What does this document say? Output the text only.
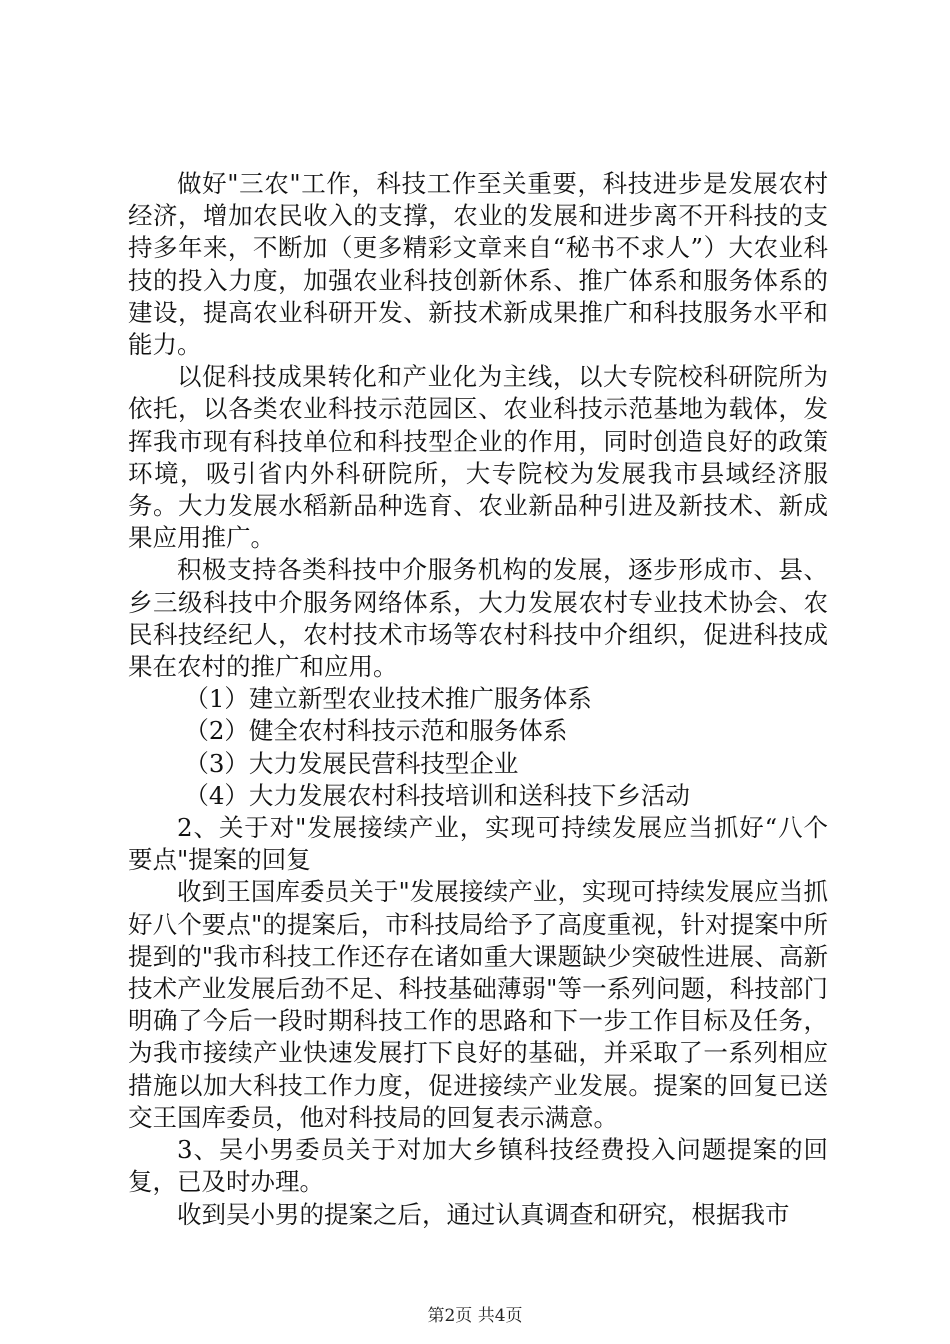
做好"三农"工作，科技工作至关重要，科技进步是发展农村经济，增加农民收入的支撑，农业的发展和进步离不开科技的支持多年来，不断加（更多精彩文章来自“秘书不求人”）大农业科技的投入力度，加强农业科技创新休系、推广体系和服务体系的建设，提高农业科研开发、新技术新成果推广和科技服务水平和能力。

以促科技成果转化和产业化为主线，以大专院校科研院所为依托，以各类农业科技示范园区、农业科技示范基地为载体，发挥我市现有科技单位和科技型企业的作用，同时创造良好的政策环境，吸引省内外科研院所，大专院校为发展我市县域经济服务。大力发展水稻新品种选育、农业新品种引进及新技术、新成果应用推广。

积极支持各类科技中介服务机构的发展，逐步形成市、县、乡三级科技中介服务网络体系，大力发展农村专业技术协会、农民科技经纪人，农村技术市场等农村科技中介组织，促进科技成果在农村的推广和应用。

（1）建立新型农业技术推广服务体系

（2）健全农村科技示范和服务体系

（3）大力发展民营科技型企业

（4）大力发展农村科技培训和送科技下乡活动

2、关于对"发展接续产业，实现可持续发展应当抓好“八个要点"提案的回复

收到王国库委员关于"发展接续产业，实现可持续发展应当抓好八个要点"的提案后，市科技局给予了高度重视，针对提案中所提到的"我市科技工作还存在诸如重大课题缺少突破性进展、高新技术产业发展后劲不足、科技基础薄弱"等一系列问题，科技部门明确了今后一段时期科技工作的思路和下一步工作目标及任务，为我市接续产业快速发展打下良好的基础，并采取了一系列相应措施以加大科技工作力度，促进接续产业发展。提案的回复已送交王国库委员，他对科技局的回复表示满意。

3、吴小男委员关于对加大乡镇科技经费投入问题提案的回复，已及时办理。

收到吴小男的提案之后，通过认真调查和研究，根据我市

第2页 共4页
